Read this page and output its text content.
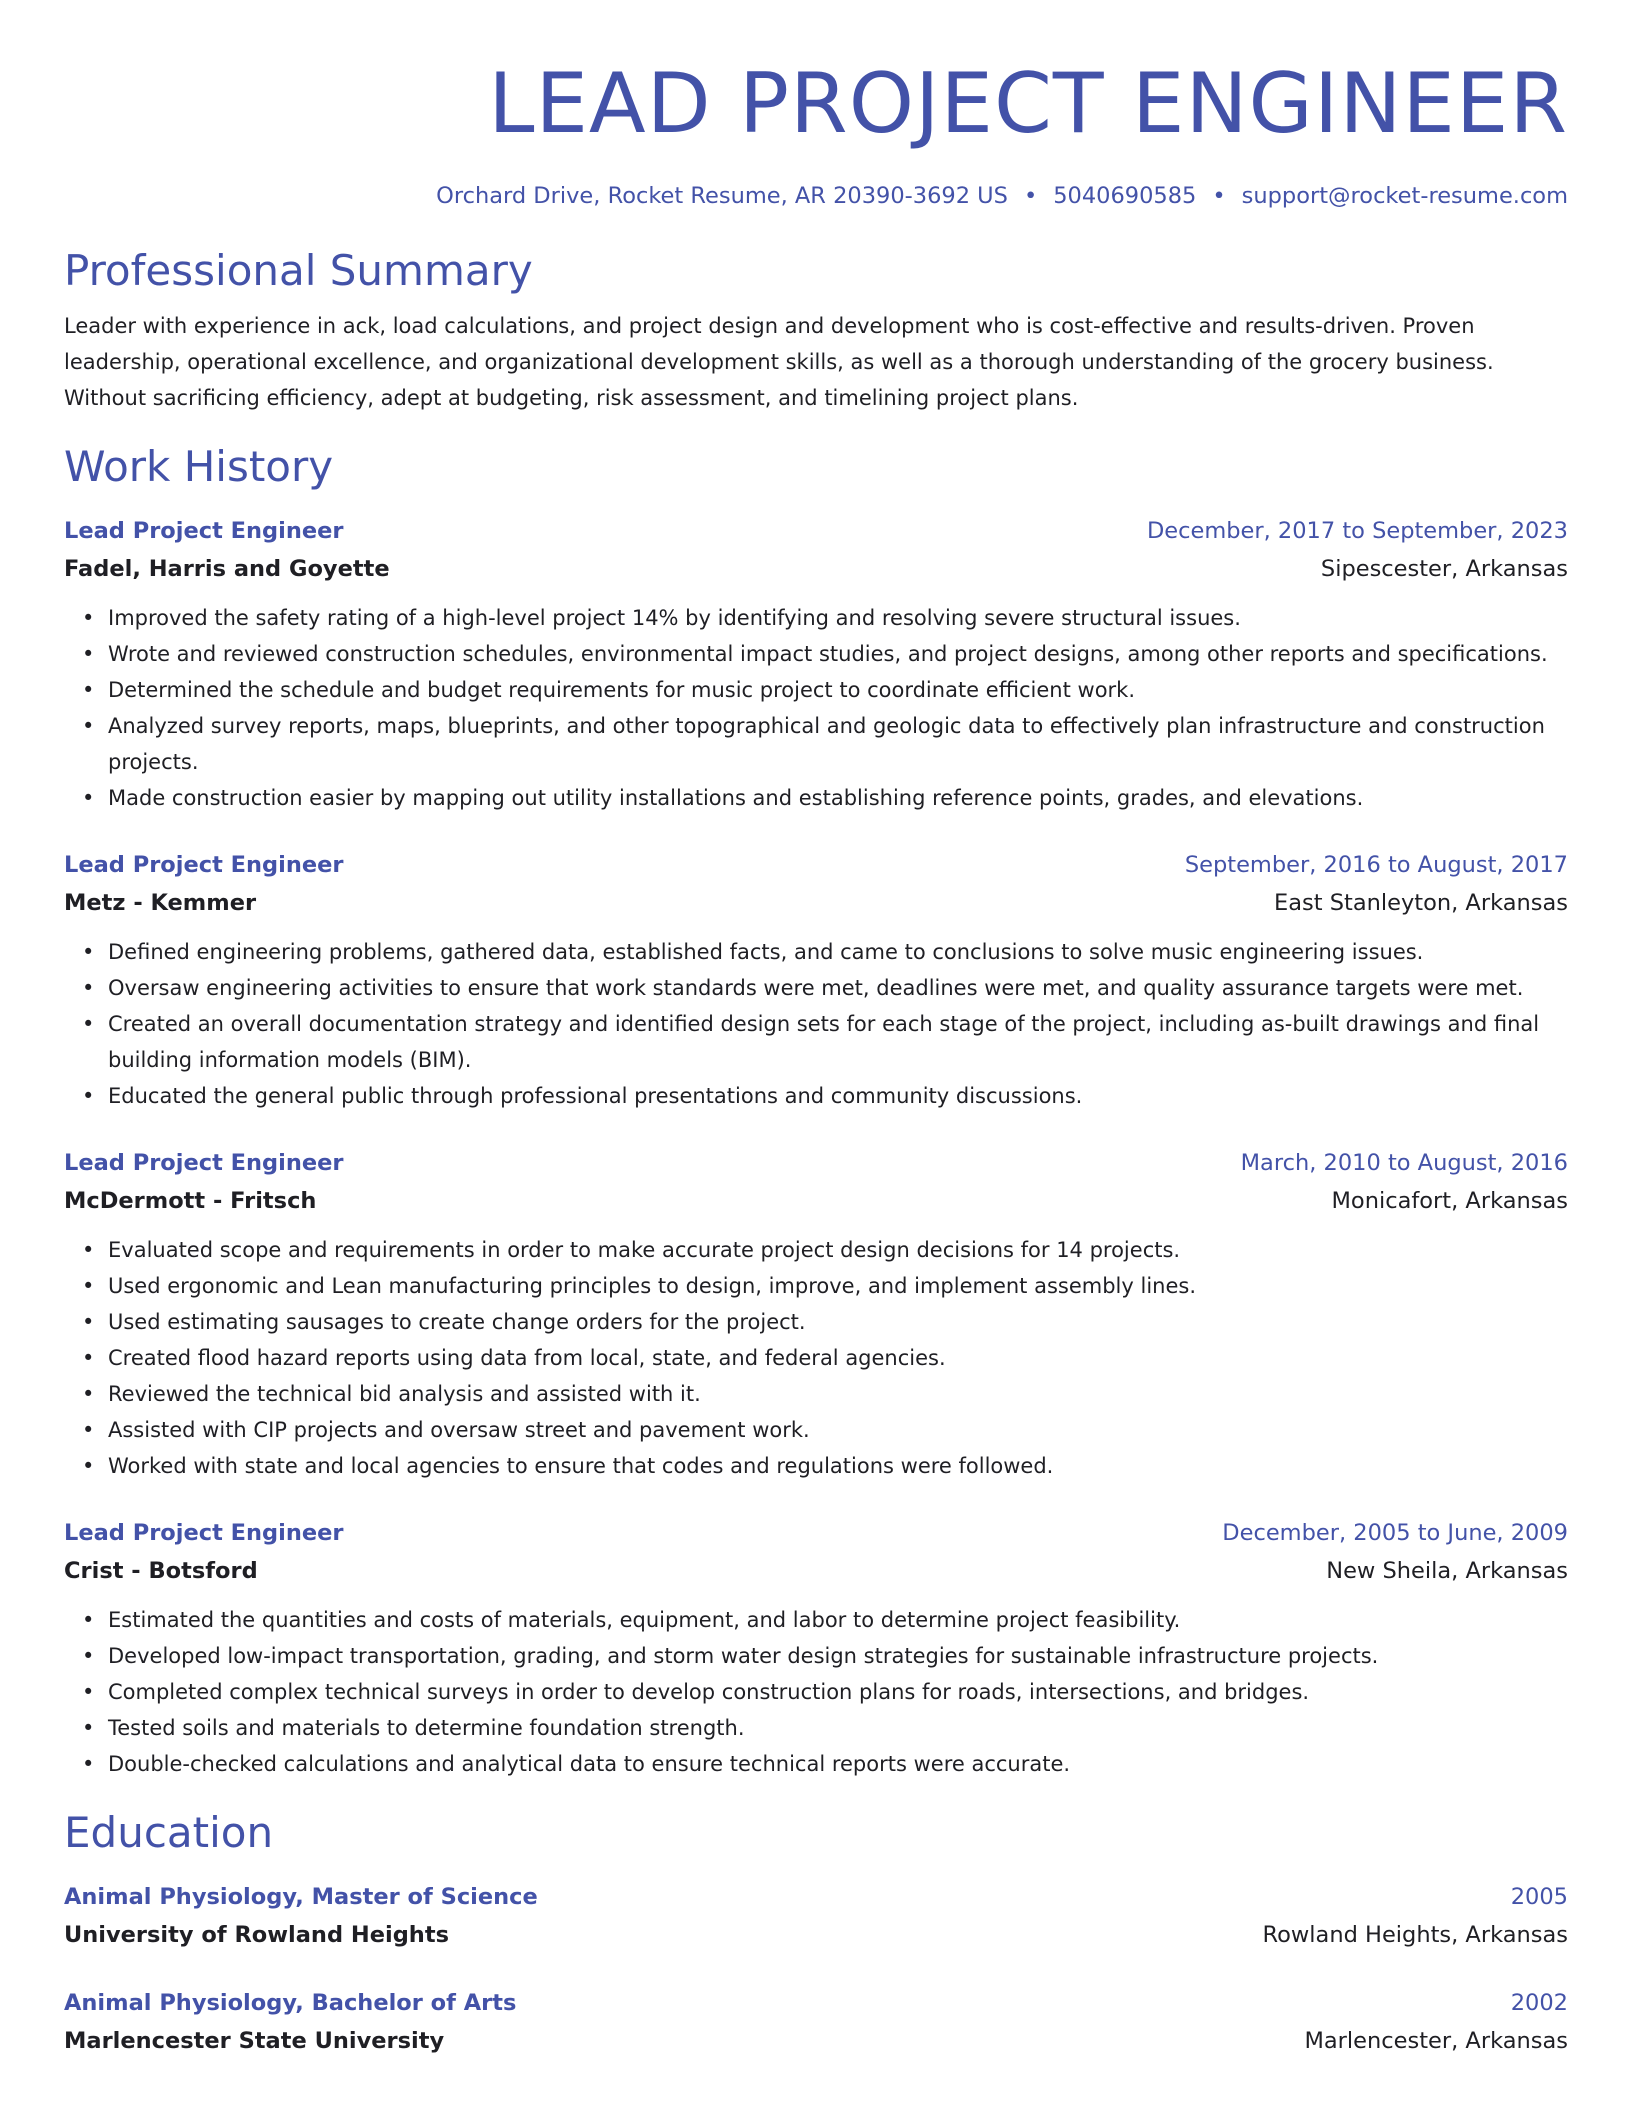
LEAD PROJECT ENGINEER
Orchard Drive, Rocket Resume, AR 20390-3692 US • 5040690585 • support@rocket-resume.com
Professional Summary
Leader with experience in ack, load calculations, and project design and development who is cost-effective and results-driven. Proven
leadership, operational excellence, and organizational development skills, as well as a thorough understanding of the grocery business.
Without sacrificing efficiency, adept at budgeting, risk assessment, and timelining project plans.
Work History
Lead Project Engineer	December, 2017 to September, 2023
Fadel, Harris and Goyette	Sipescester, Arkansas
• Improved the safety rating of a high-level project 14% by identifying and resolving severe structural issues.
• Wrote and reviewed construction schedules, environmental impact studies, and project designs, among other reports and specifications.
• Determined the schedule and budget requirements for music project to coordinate efficient work.
• Analyzed survey reports, maps, blueprints, and other topographical and geologic data to effectively plan infrastructure and construction
projects.
• Made construction easier by mapping out utility installations and establishing reference points, grades, and elevations.
Lead Project Engineer	September, 2016 to August, 2017
Metz - Kemmer	East Stanleyton, Arkansas
• Defined engineering problems, gathered data, established facts, and came to conclusions to solve music engineering issues.
• Oversaw engineering activities to ensure that work standards were met, deadlines were met, and quality assurance targets were met.
• Created an overall documentation strategy and identified design sets for each stage of the project, including as-built drawings and final
building information models (BIM).
• Educated the general public through professional presentations and community discussions.
Lead Project Engineer	March, 2010 to August, 2016
McDermott - Fritsch	Monicafort, Arkansas
• Evaluated scope and requirements in order to make accurate project design decisions for 14 projects.
• Used ergonomic and Lean manufacturing principles to design, improve, and implement assembly lines.
• Used estimating sausages to create change orders for the project.
• Created flood hazard reports using data from local, state, and federal agencies.
• Reviewed the technical bid analysis and assisted with it.
• Assisted with CIP projects and oversaw street and pavement work.
• Worked with state and local agencies to ensure that codes and regulations were followed.
Lead Project Engineer	December, 2005 to June, 2009
Crist - Botsford	New Sheila, Arkansas
• Estimated the quantities and costs of materials, equipment, and labor to determine project feasibility.
• Developed low-impact transportation, grading, and storm water design strategies for sustainable infrastructure projects.
• Completed complex technical surveys in order to develop construction plans for roads, intersections, and bridges.
• Tested soils and materials to determine foundation strength.
• Double-checked calculations and analytical data to ensure technical reports were accurate.
Education
Animal Physiology, Master of Science	2005
University of Rowland Heights	Rowland Heights, Arkansas
Animal Physiology, Bachelor of Arts	2002
Marlencester State University	Marlencester, Arkansas
